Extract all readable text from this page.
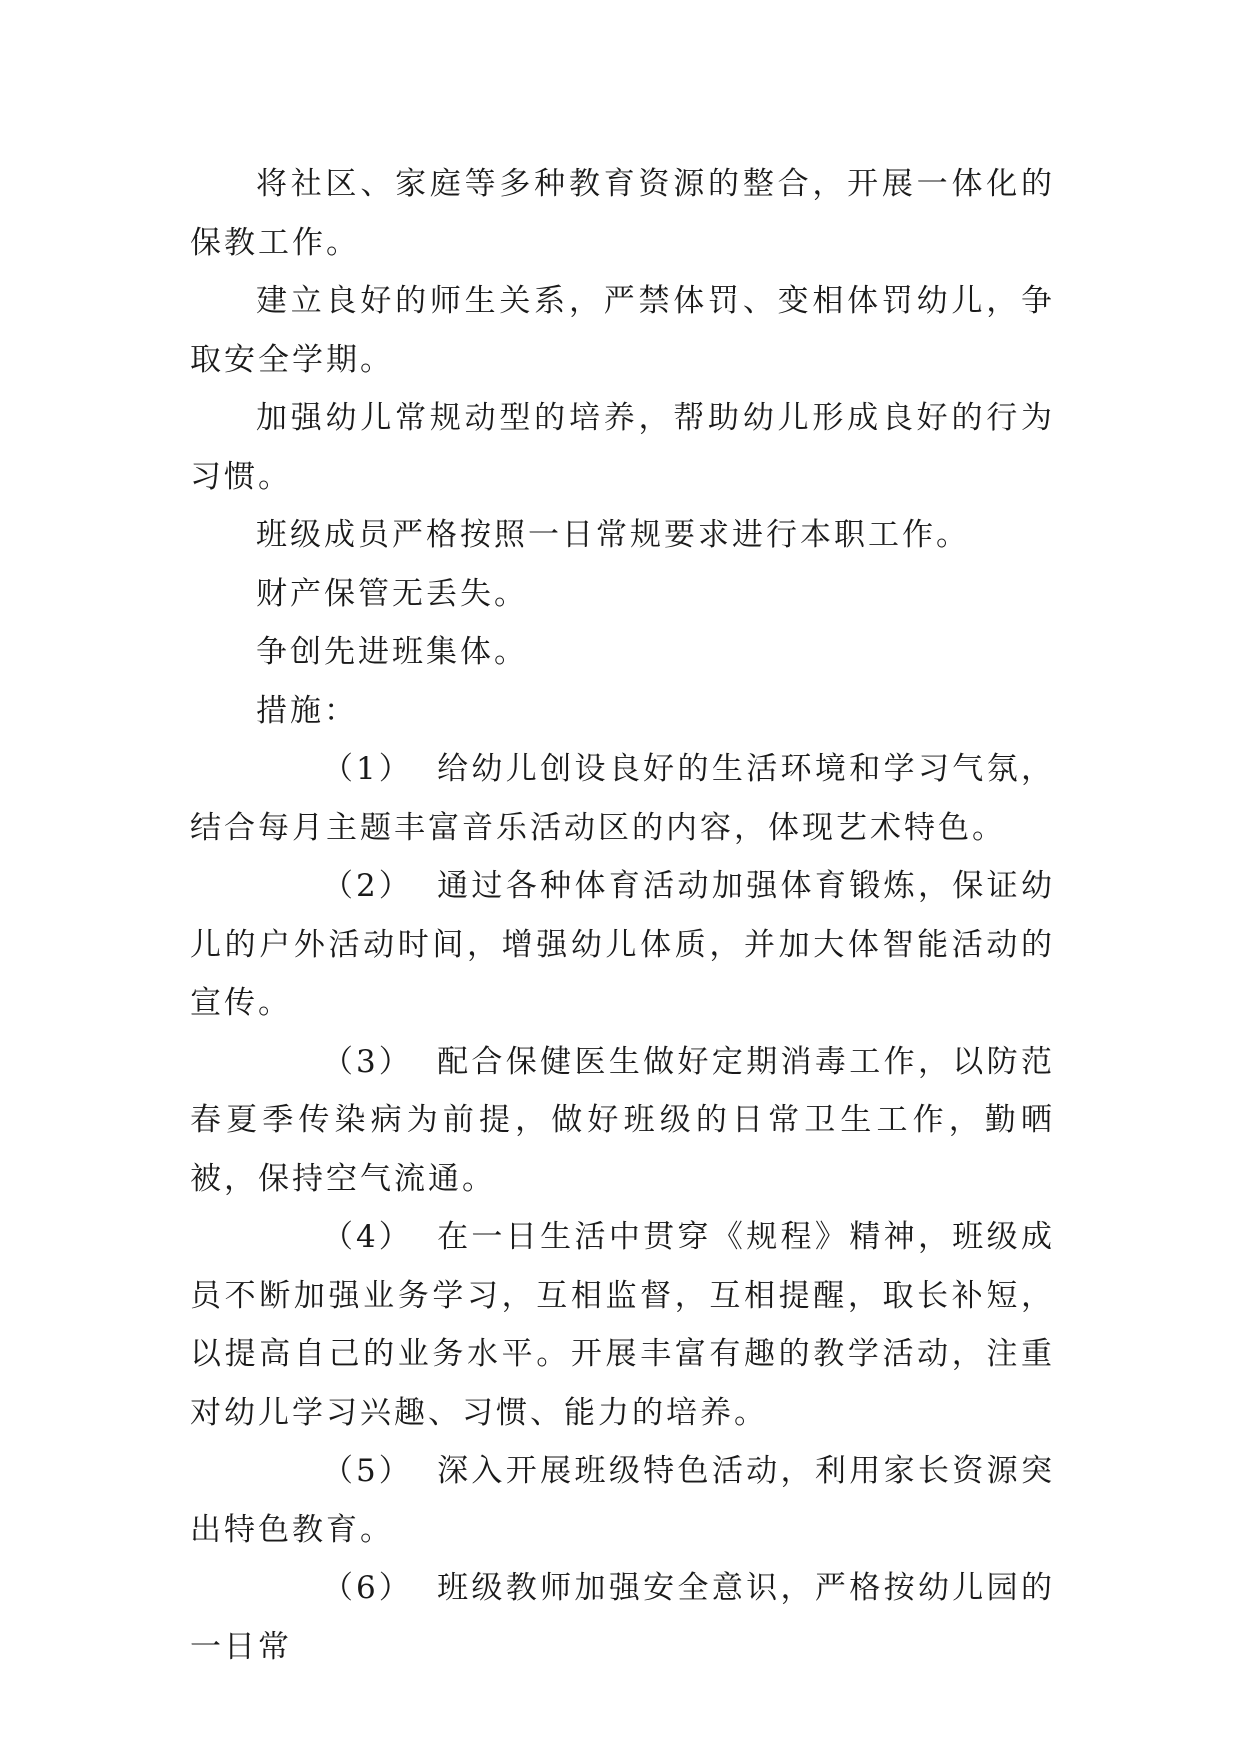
将社区、家庭等多种教育资源的整合，开展一体化的保教工作。

建立良好的师生关系，严禁体罚、变相体罚幼儿，争取安全学期。

加强幼儿常规动型的培养，帮助幼儿形成良好的行为习惯。

班级成员严格按照一日常规要求进行本职工作。

财产保管无丢失。

争创先进班集体。

措施：

（1） 给幼儿创设良好的生活环境和学习气氛，结合每月主题丰富音乐活动区的内容，体现艺术特色。

（2） 通过各种体育活动加强体育锻炼，保证幼儿的户外活动时间，增强幼儿体质，并加大体智能活动的宣传。

（3） 配合保健医生做好定期消毒工作，以防范春夏季传染病为前提，做好班级的日常卫生工作，勤晒被，保持空气流通。

（4） 在一日生活中贯穿《规程》精神，班级成员不断加强业务学习，互相监督，互相提醒，取长补短，以提高自己的业务水平。开展丰富有趣的教学活动，注重对幼儿学习兴趣、习惯、能力的培养。

（5） 深入开展班级特色活动，利用家长资源突出特色教育。

（6） 班级教师加强安全意识，严格按幼儿园的一日常
